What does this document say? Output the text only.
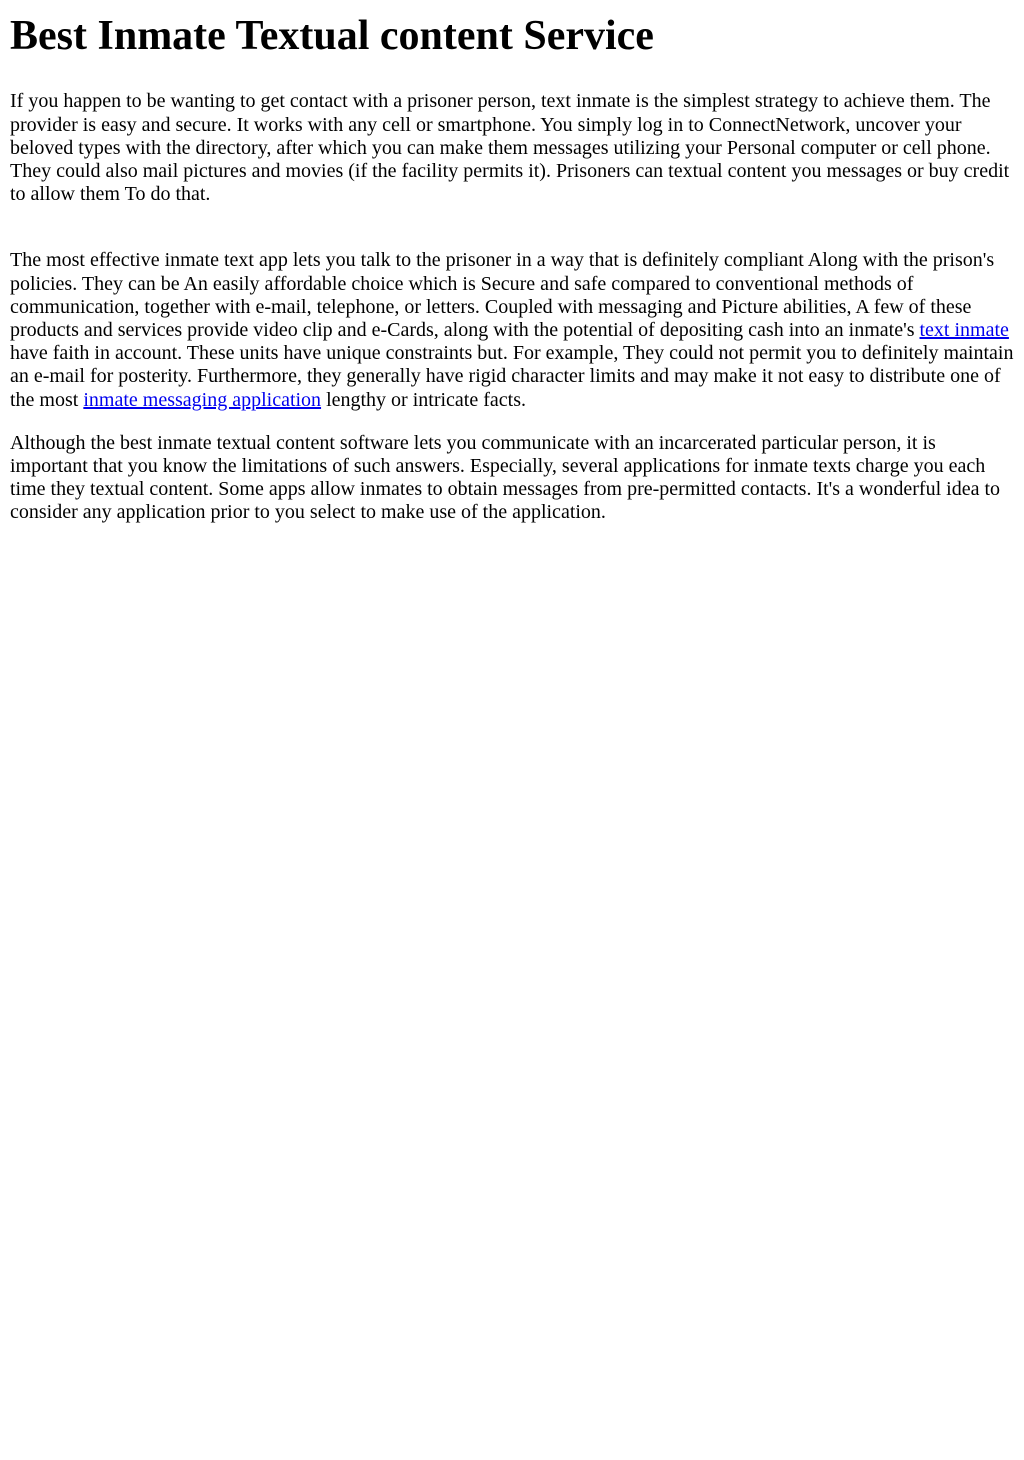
Best Inmate Textual content Service

If you happen to be wanting to get contact with a prisoner person, text inmate is the simplest strategy to achieve them. The provider is easy and secure. It works with any cell or smartphone. You simply log in to ConnectNetwork, uncover your beloved types with the directory, after which you can make them messages utilizing your Personal computer or cell phone. They could also mail pictures and movies (if the facility permits it). Prisoners can textual content you messages or buy credit to allow them To do that.

The most effective inmate text app lets you talk to the prisoner in a way that is definitely compliant Along with the prison's policies. They can be An easily affordable choice which is Secure and safe compared to conventional methods of communication, together with e-mail, telephone, or letters. Coupled with messaging and Picture abilities, A few of these products and services provide video clip and e-Cards, along with the potential of depositing cash into an inmate's text inmate have faith in account. These units have unique constraints but. For example, They could not permit you to definitely maintain an e-mail for posterity. Furthermore, they generally have rigid character limits and may make it not easy to distribute one of the most inmate messaging application lengthy or intricate facts.

Although the best inmate textual content software lets you communicate with an incarcerated particular person, it is important that you know the limitations of such answers. Especially, several applications for inmate texts charge you each time they textual content. Some apps allow inmates to obtain messages from pre-permitted contacts. It's a wonderful idea to consider any application prior to you select to make use of the application.
